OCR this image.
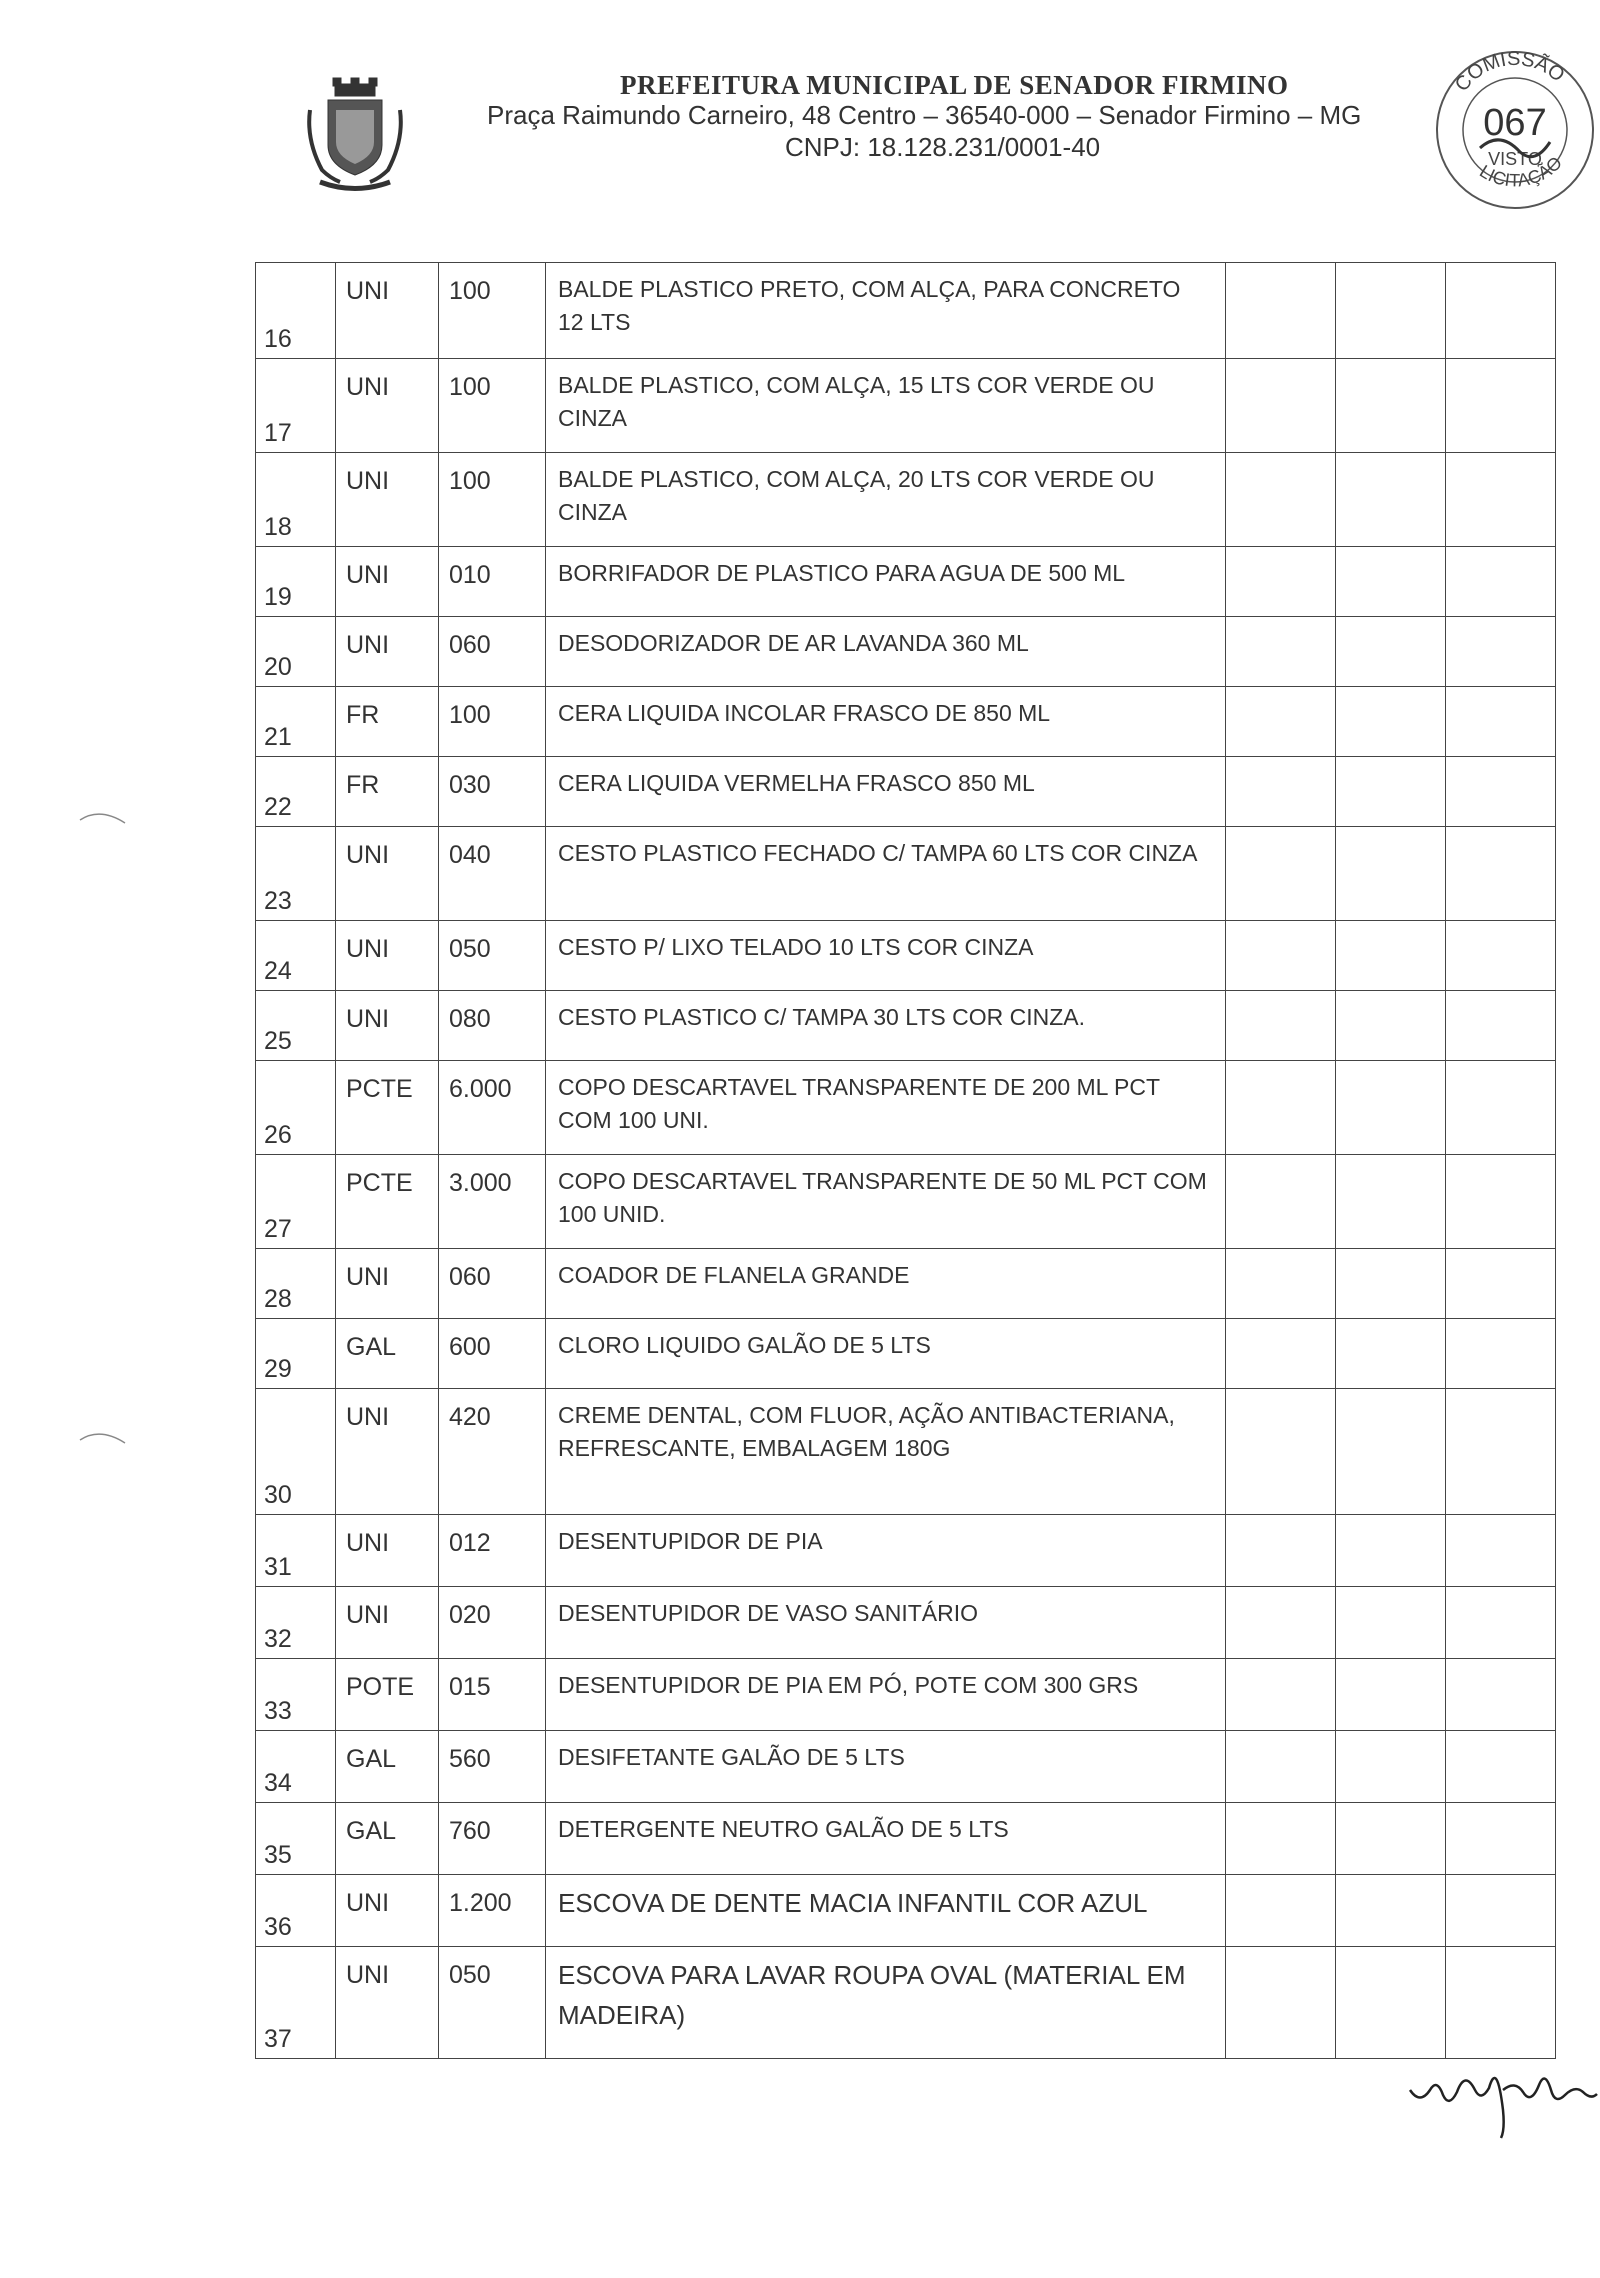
PREFEITURA MUNICIPAL DE SENADOR FIRMINO
Praça Raimundo Carneiro, 48 Centro – 36540-000 – Senador Firmino – MG
CNPJ: 18.128.231/0001-40
COMISSÃO
067
VISTO
LICITAÇÃO
16	UNI	100	BALDE PLASTICO PRETO, COM ALÇA, PARA CONCRETO 12 LTS			
17	UNI	100	BALDE PLASTICO, COM ALÇA, 15 LTS COR VERDE OU CINZA			
18	UNI	100	BALDE PLASTICO, COM ALÇA, 20 LTS COR VERDE OU CINZA			
19	UNI	010	BORRIFADOR DE PLASTICO PARA AGUA DE 500 ML			
20	UNI	060	DESODORIZADOR DE AR LAVANDA 360 ML			
21	FR	100	CERA LIQUIDA INCOLAR FRASCO DE 850 ML			
22	FR	030	CERA LIQUIDA VERMELHA FRASCO 850 ML			
23	UNI	040	CESTO PLASTICO FECHADO C/ TAMPA 60 LTS COR CINZA			
24	UNI	050	CESTO P/ LIXO TELADO 10 LTS COR CINZA			
25	UNI	080	CESTO PLASTICO C/ TAMPA 30 LTS COR CINZA.			
26	PCTE	6.000	COPO DESCARTAVEL TRANSPARENTE DE 200 ML PCT COM 100 UNI.			
27	PCTE	3.000	COPO DESCARTAVEL TRANSPARENTE DE 50 ML PCT COM 100 UNID.			
28	UNI	060	COADOR DE FLANELA GRANDE			
29	GAL	600	CLORO LIQUIDO GALÃO DE 5 LTS			
30	UNI	420	CREME DENTAL, COM FLUOR, AÇÃO ANTIBACTERIANA, REFRESCANTE, EMBALAGEM 180G			
31	UNI	012	DESENTUPIDOR DE PIA			
32	UNI	020	DESENTUPIDOR DE VASO SANITÁRIO			
33	POTE	015	DESENTUPIDOR DE PIA EM PÓ, POTE COM 300 GRS			
34	GAL	560	DESIFETANTE GALÃO DE 5 LTS			
35	GAL	760	DETERGENTE NEUTRO GALÃO DE 5 LTS			
36	UNI	1.200	ESCOVA DE DENTE MACIA INFANTIL COR AZUL			
37	UNI	050	ESCOVA PARA LAVAR ROUPA OVAL (MATERIAL EM MADEIRA)			
